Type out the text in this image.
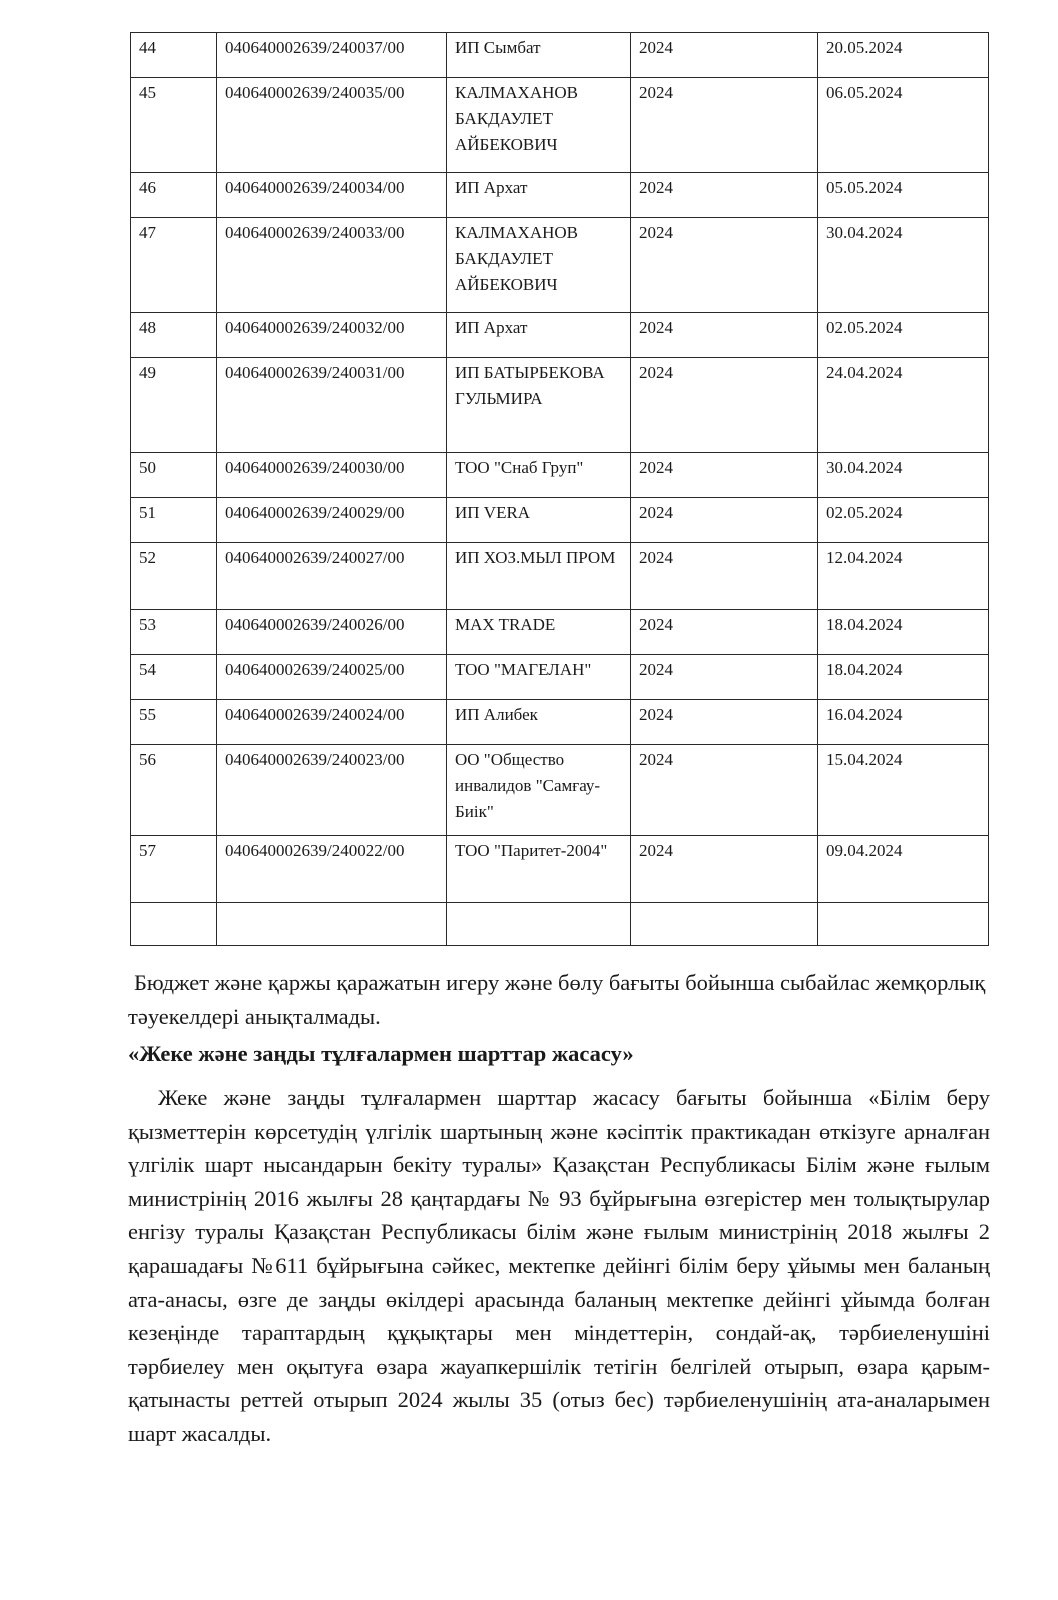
44	040640002639/240037/00	ИП Сымбат	2024	20.05.2024
45	040640002639/240035/00	КАЛМАХАНОВ БАКДАУЛЕТ АЙБЕКОВИЧ	2024	06.05.2024
46	040640002639/240034/00	ИП Архат	2024	05.05.2024
47	040640002639/240033/00	КАЛМАХАНОВ БАКДАУЛЕТ АЙБЕКОВИЧ	2024	30.04.2024
48	040640002639/240032/00	ИП Архат	2024	02.05.2024
49	040640002639/240031/00	ИП БАТЫРБЕКОВА ГУЛЬМИРА	2024	24.04.2024
50	040640002639/240030/00	ТОО "Снаб Груп"	2024	30.04.2024
51	040640002639/240029/00	ИП VERA	2024	02.05.2024
52	040640002639/240027/00	ИП ХОЗ.МЫЛ ПРОМ	2024	12.04.2024
53	040640002639/240026/00	MAX TRADE	2024	18.04.2024
54	040640002639/240025/00	ТОО "МАГЕЛАН"	2024	18.04.2024
55	040640002639/240024/00	ИП Алибек	2024	16.04.2024
56	040640002639/240023/00	ОО "Общество инвалидов "Самғау-Биік"	2024	15.04.2024
57	040640002639/240022/00	ТОО "Паритет-2004"	2024	09.04.2024

Бюджет және қаржы қаражатын игеру және бөлу бағыты бойынша сыбайлас жемқорлық тәуекелдері анықталмады.
«Жеке және заңды тұлғалармен шарттар жасасу»
Жеке және заңды тұлғалармен шарттар жасасу бағыты бойынша «Білім беру қызметтерін көрсетудің үлгілік шартының және кәсіптік практикадан өткізуге арналған үлгілік шарт нысандарын бекіту туралы» Қазақстан Республикасы Білім және ғылым министрінің 2016 жылғы 28 қаңтардағы № 93 бұйрығына өзгерістер мен толықтырулар енгізу туралы Қазақстан Республикасы білім және ғылым министрінің 2018 жылғы 2 қарашадағы №611 бұйрығына сәйкес, мектепке дейінгі білім беру ұйымы мен баланың ата-анасы, өзге де заңды өкілдері арасында баланың мектепке дейінгі ұйымда болған кезеңінде тараптардың құқықтары мен міндеттерін, сондай-ақ, тәрбиеленушіні тәрбиелеу мен оқытуға өзара жауапкершілік тетігін белгілей отырып, өзара қарым-қатынасты реттей отырып 2024 жылы 35 (отыз бес) тәрбиеленушінің ата-аналарымен шарт жасалды.
